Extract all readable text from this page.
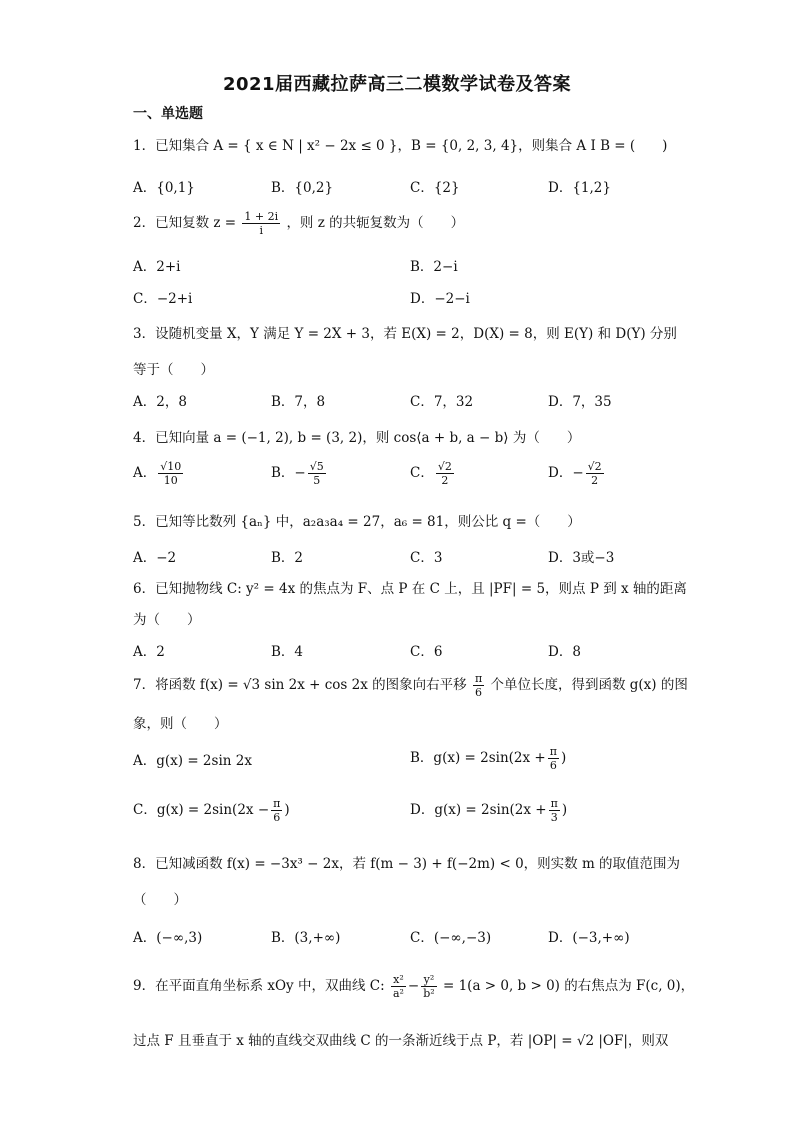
2021届西藏拉萨高三二模数学试卷及答案
一、单选题
1．已知集合 A = { x ∈ N | x² − 2x ≤ 0 }，B = {0, 2, 3, 4}，则集合 A I B = (　　)
A．{0,1}	B．{0,2}	C．{2}	D．{1,2}
2．已知复数 $z = \frac{1 + 2i}{i}$ ，则 z 的共轭复数为（　　）
A．2+i	B．2−i
C．−2+i	D．−2−i
3．设随机变量 X，Y 满足 Y = 2X + 3，若 E(X) = 2，D(X) = 8，则 E(Y) 和 D(Y) 分别
等于（　　）
A．2，8	B．7，8	C．7，32	D．7，35
4．已知向量 a = (−1, 2), b = (3, 2)，则 cos⟨a + b, a − b⟩ 为（　　）
A． $\frac{√10}{10}$	B．− $\frac{√5}{5}$	C． $\frac{√2}{2}$	D．− $\frac{√2}{2}$
5．已知等比数列 {aₙ} 中，a₂a₃a₄ = 27，a₆ = 81，则公比 q =（　　）
A．−2	B．2	C．3	D．3或−3
6．已知抛物线 C: y² = 4x 的焦点为 F、点 P 在 C 上，且 |PF| = 5，则点 P 到 x 轴的距离
为（　　）
A．2	B．4	C．6	D．8
7．将函数 f(x) = √3 sin 2x + cos 2x 的图象向右平移 $\frac{\pi}{6}$ 个单位长度，得到函数 g(x) 的图
象，则（　　）
A．g(x) = 2sin 2x	B．$g(x) = 2\sin(2x + \frac{\pi}{6}$ )
C．$g(x) = 2\sin(2x - \frac{\pi}{6}$ )	D．$g(x) = 2\sin(2x + \frac{\pi}{3}$ )
8．已知减函数 f(x) = −3x³ − 2x，若 f(m − 3) + f(−2m) < 0，则实数 m 的取值范围为
（　　）
A．(−∞,3)	B．(3,+∞)	C．(−∞,−3)	D．(−3,+∞)
9．在平面直角坐标系 xOy 中，双曲线 C: $\frac{\text{x²}}{\text{a²}} - \frac{\text{y²}}{\text{b²}} = 1(a > 0$, b > 0) 的右焦点为 F(c, 0)，
过点 F 且垂直于 x 轴的直线交双曲线 C 的一条渐近线于点 P，若 |OP| = √2 |OF|，则双
